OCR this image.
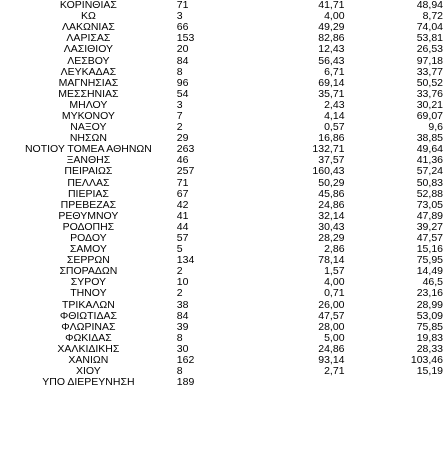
ΚΟΡΙΝΘΙΑΣ	71		41,71		48,94
ΚΩ	3		4,00		8,72
ΛΑΚΩΝΙΑΣ	66		49,29		74,04
ΛΑΡΙΣΑΣ	153		82,86		53,81
ΛΑΣΙΘΙΟΥ	20		12,43		26,53
ΛΕΣΒΟΥ	84		56,43		97,18
ΛΕΥΚΑΔΑΣ	8		6,71		33,77
ΜΑΓΝΗΣΙΑΣ	96		69,14		50,52
ΜΕΣΣΗΝΙΑΣ	54		35,71		33,76
ΜΗΛΟΥ	3		2,43		30,21
ΜΥΚΟΝΟΥ	7		4,14		69,07
ΝΑΞΟΥ	2		0,57		9,6
ΝΗΣΩΝ	29		16,86		38,85
ΝΟΤΙΟΥ ΤΟΜΕΑ ΑΘΗΝΩΝ	263		132,71		49,64
ΞΑΝΘΗΣ	46		37,57		41,36
ΠΕΙΡΑΙΩΣ	257		160,43		57,24
ΠΕΛΛΑΣ	71		50,29		50,83
ΠΙΕΡΙΑΣ	67		45,86		52,88
ΠΡΕΒΕΖΑΣ	42		24,86		73,05
ΡΕΘΥΜΝΟΥ	41		32,14		47,89
ΡΟΔΟΠΗΣ	44		30,43		39,27
ΡΟΔΟΥ	57		28,29		47,57
ΣΑΜΟΥ	5		2,86		15,16
ΣΕΡΡΩΝ	134		78,14		75,95
ΣΠΟΡΑΔΩΝ	2		1,57		14,49
ΣΥΡΟΥ	10		4,00		46,5
ΤΗΝΟΥ	2		0,71		23,16
ΤΡΙΚΑΛΩΝ	38		26,00		28,99
ΦΘΙΩΤΙΔΑΣ	84		47,57		53,09
ΦΛΩΡΙΝΑΣ	39		28,00		75,85
ΦΩΚΙΔΑΣ	8		5,00		19,83
ΧΑΛΚΙΔΙΚΗΣ	30		24,86		28,33
ΧΑΝΙΩΝ	162		93,14		103,46
ΧΙΟΥ	8		2,71		15,19
ΥΠΟ ΔΙΕΡΕΥΝΗΣΗ	189				
